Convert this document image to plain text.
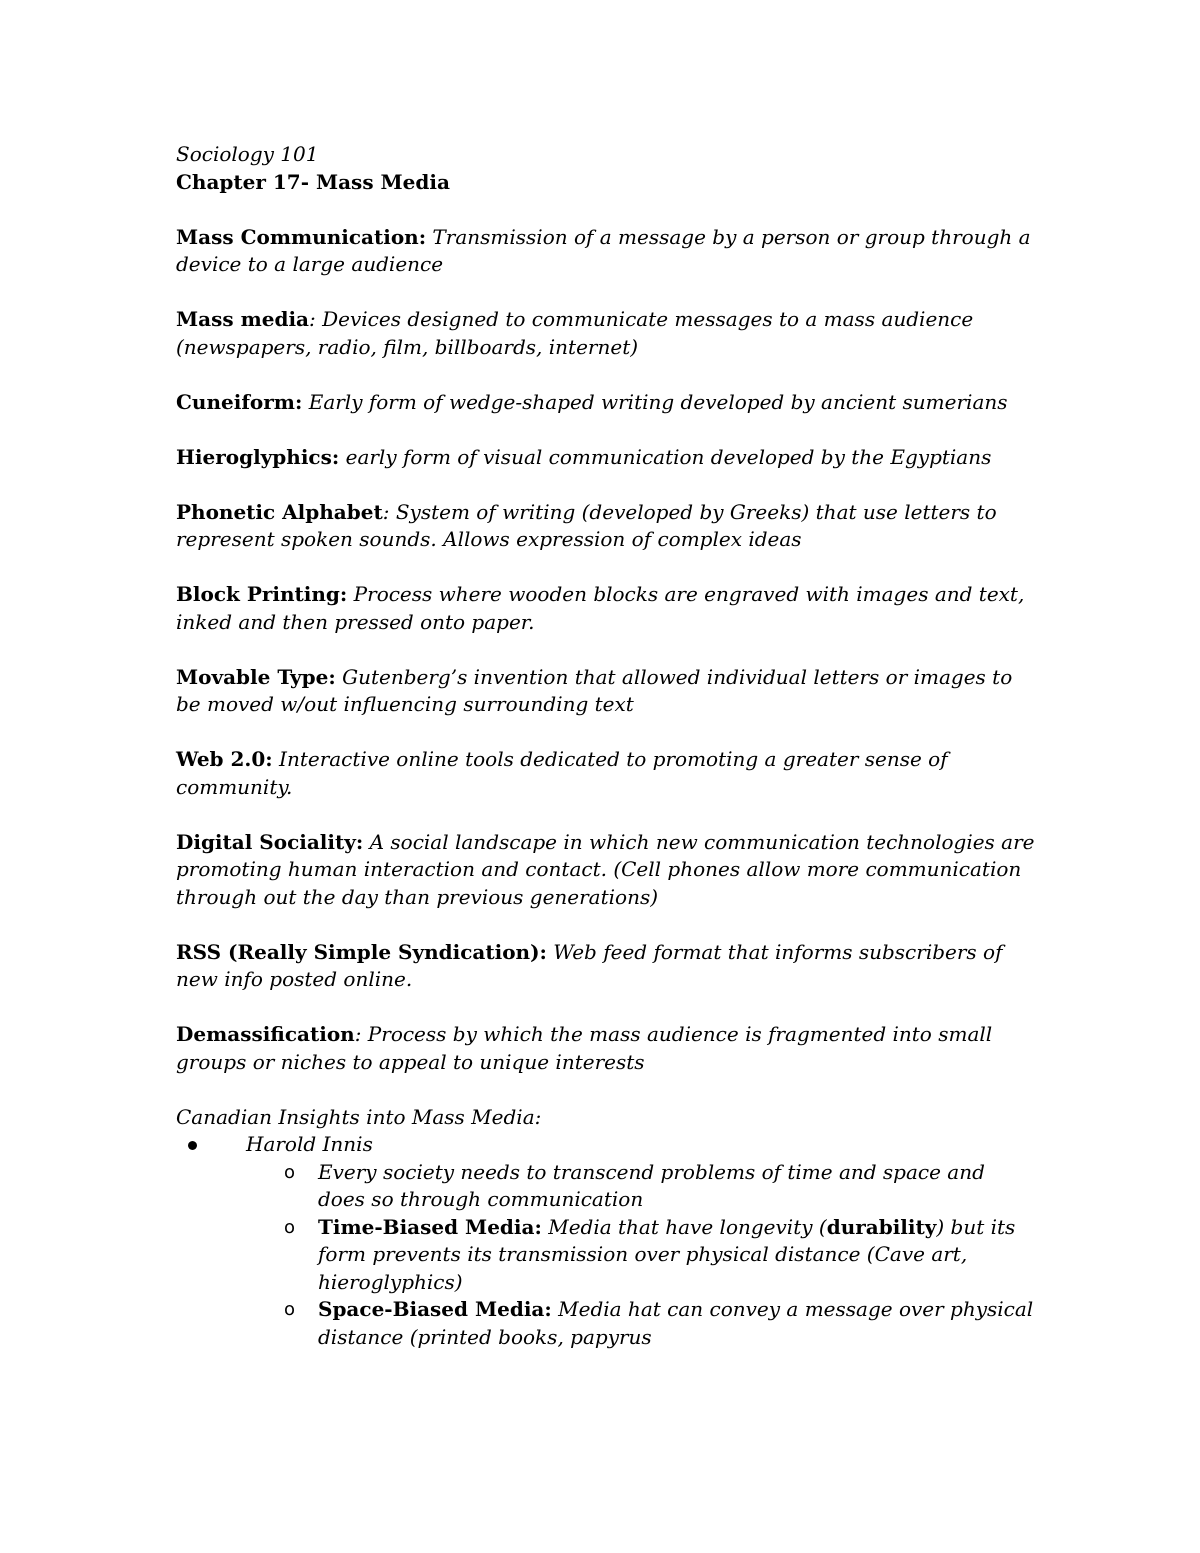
Sociology 101
Chapter 17- Mass Media
Mass Communication: Transmission of a message by a person or group through a device to a large audience
Mass media: Devices designed to communicate messages to a mass audience (newspapers, radio, film, billboards, internet)
Cuneiform: Early form of wedge-shaped writing developed by ancient sumerians
Hieroglyphics: early form of visual communication developed by the Egyptians
Phonetic Alphabet: System of writing (developed by Greeks) that use letters to represent spoken sounds. Allows expression of complex ideas
Block Printing: Process where wooden blocks are engraved with images and text, inked and then pressed onto paper.
Movable Type: Gutenberg’s invention that allowed individual letters or images to be moved w/out influencing surrounding text
Web 2.0: Interactive online tools dedicated to promoting a greater sense of community.
Digital Sociality: A social landscape in which new communication technologies are promoting human interaction and contact. (Cell phones allow more communication through out the day than previous generations)
RSS (Really Simple Syndication): Web feed format that informs subscribers of new info posted online.
Demassification: Process by which the mass audience is fragmented into small groups or niches to appeal to unique interests
Canadian Insights into Mass Media:
Harold Innis
o Every society needs to transcend problems of time and space and does so through communication
o Time-Biased Media: Media that have longevity (durability) but its form prevents its transmission over physical distance (Cave art, hieroglyphics)
o Space-Biased Media: Media hat can convey a message over physical distance (printed books, papyrus
